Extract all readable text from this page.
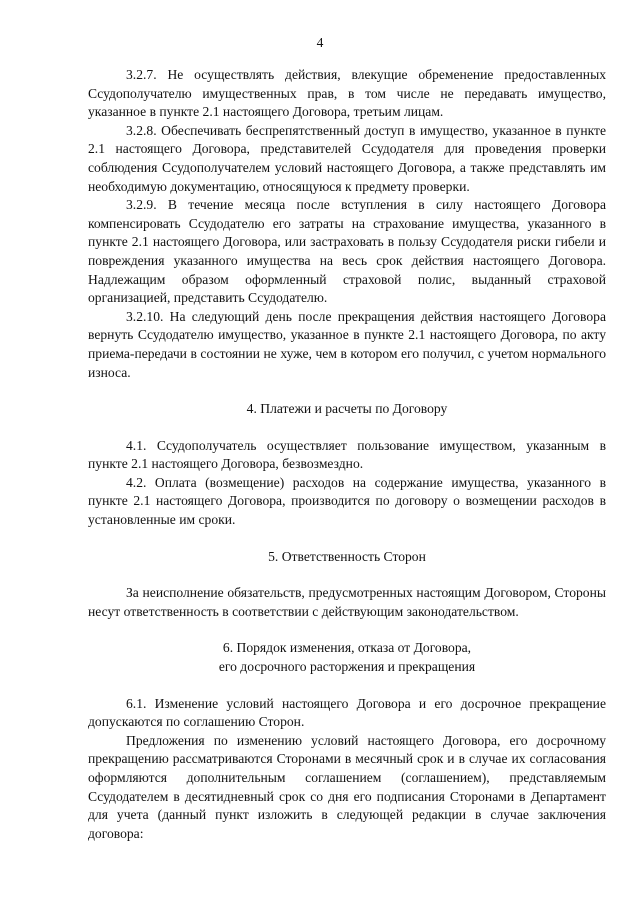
4

3.2.7. Не осуществлять действия, влекущие обременение предоставленных Ссудополучателю имущественных прав, в том числе не передавать имущество, указанное в пункте 2.1 настоящего Договора, третьим лицам.

3.2.8. Обеспечивать беспрепятственный доступ в имущество, указанное в пункте 2.1 настоящего Договора, представителей Ссудодателя для проведения проверки соблюдения Ссудополучателем условий настоящего Договора, а также представлять им необходимую документацию, относящуюся к предмету проверки.

3.2.9. В течение месяца после вступления в силу настоящего Договора компенсировать Ссудодателю его затраты на страхование имущества, указанного в пункте 2.1 настоящего Договора, или застраховать в пользу Ссудодателя риски гибели и повреждения указанного имущества на весь срок действия настоящего Договора. Надлежащим образом оформленный страховой полис, выданный страховой организацией, представить Ссудодателю.

3.2.10. На следующий день после прекращения действия настоящего Договора вернуть Ссудодателю имущество, указанное в пункте 2.1 настоящего Договора, по акту приема-передачи в состоянии не хуже, чем в котором его получил, с учетом нормального износа.

4. Платежи и расчеты по Договору

4.1. Ссудополучатель осуществляет пользование имуществом, указанным в пункте 2.1 настоящего Договора, безвозмездно.

4.2. Оплата (возмещение) расходов на содержание имущества, указанного в пункте 2.1 настоящего Договора, производится по договору о возмещении расходов в установленные им сроки.

5. Ответственность Сторон

За неисполнение обязательств, предусмотренных настоящим Договором, Стороны несут ответственность в соответствии с действующим законодательством.

6. Порядок изменения, отказа от Договора,
его досрочного расторжения и прекращения

6.1. Изменение условий настоящего Договора и его досрочное прекращение допускаются по соглашению Сторон.

Предложения по изменению условий настоящего Договора, его досрочному прекращению рассматриваются Сторонами в месячный срок и в случае их согласования оформляются дополнительным соглашением (соглашением), представляемым Ссудодателем в десятидневный срок со дня его подписания Сторонами в Департамент для учета (данный пункт изложить в следующей редакции в случае заключения договора:
